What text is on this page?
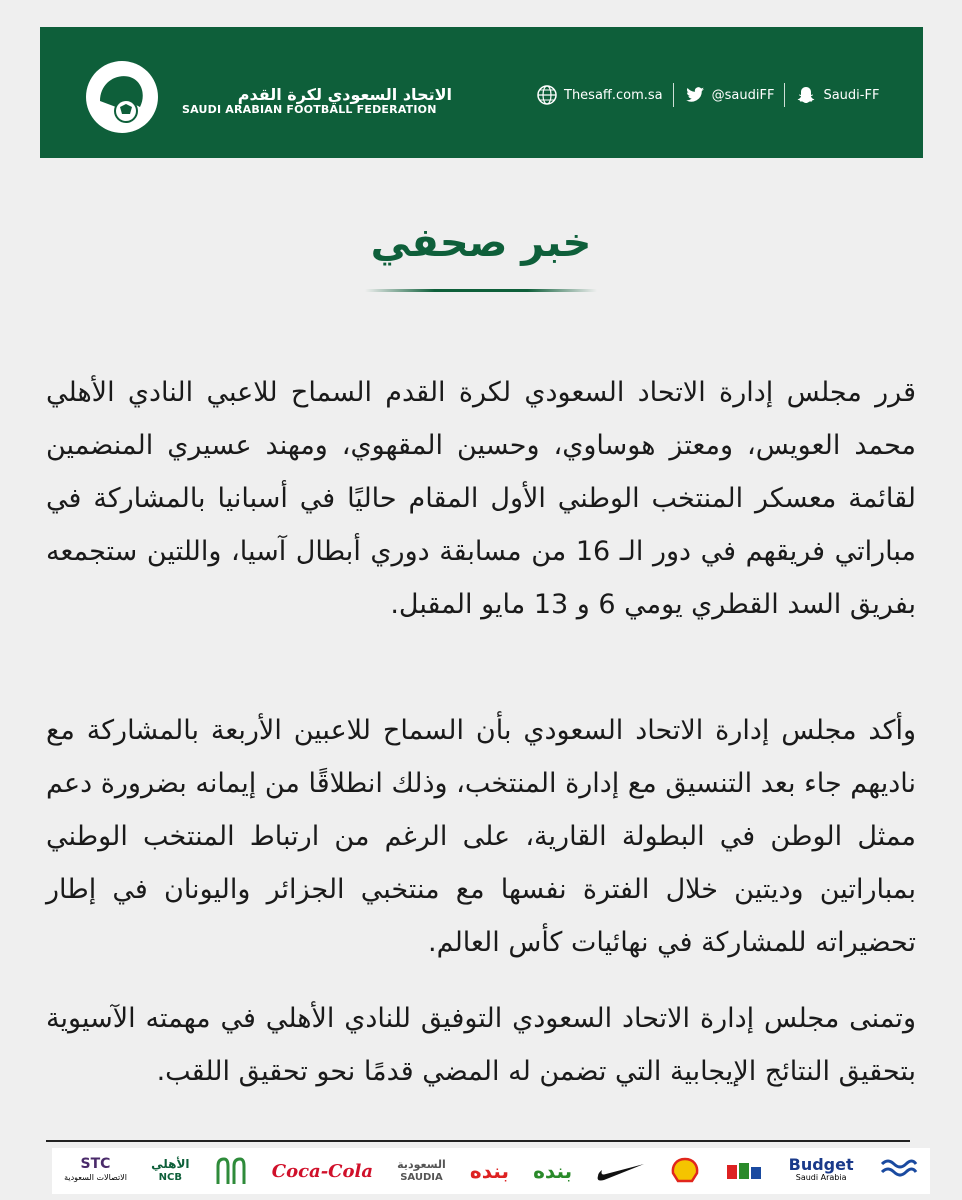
الاتحاد السعودي لكرة القدم
SAUDI ARABIAN FOOTBALL FEDERATION
Thesaff.com.sa	@saudiFF	Saudi-FF
خبر صحفي
قرر مجلس إدارة الاتحاد السعودي لكرة القدم السماح للاعبي النادي الأهلي محمد العويس، ومعتز هوساوي، وحسين المقهوي، ومهند عسيري المنضمين لقائمة معسكر المنتخب الوطني الأول المقام حاليًا في أسبانيا بالمشاركة في مباراتي فريقهم في دور الـ 16 من مسابقة دوري أبطال آسيا، واللتين ستجمعه بفريق السد القطري يومي 6 و 13 مايو المقبل.
وأكد مجلس إدارة الاتحاد السعودي بأن السماح للاعبين الأربعة بالمشاركة مع ناديهم جاء بعد التنسيق مع إدارة المنتخب، وذلك انطلاقًا من إيمانه بضرورة دعم ممثل الوطن في البطولة القارية، على الرغم من ارتباط المنتخب الوطني بمباراتين وديتين خلال الفترة نفسها مع منتخبي الجزائر واليونان في إطار تحضيراته للمشاركة في نهائيات كأس العالم.
وتمنى مجلس إدارة الاتحاد السعودي التوفيق للنادي الأهلي في مهمته الآسيوية بتحقيق النتائج الإيجابية التي تضمن له المضي قدمًا نحو تحقيق اللقب.
STC
الاتصالات السعودية
الأهلي
NCB	Coca-Cola السعودية
SAUDIA بنده بنده	Budget
Saudi Arabia
